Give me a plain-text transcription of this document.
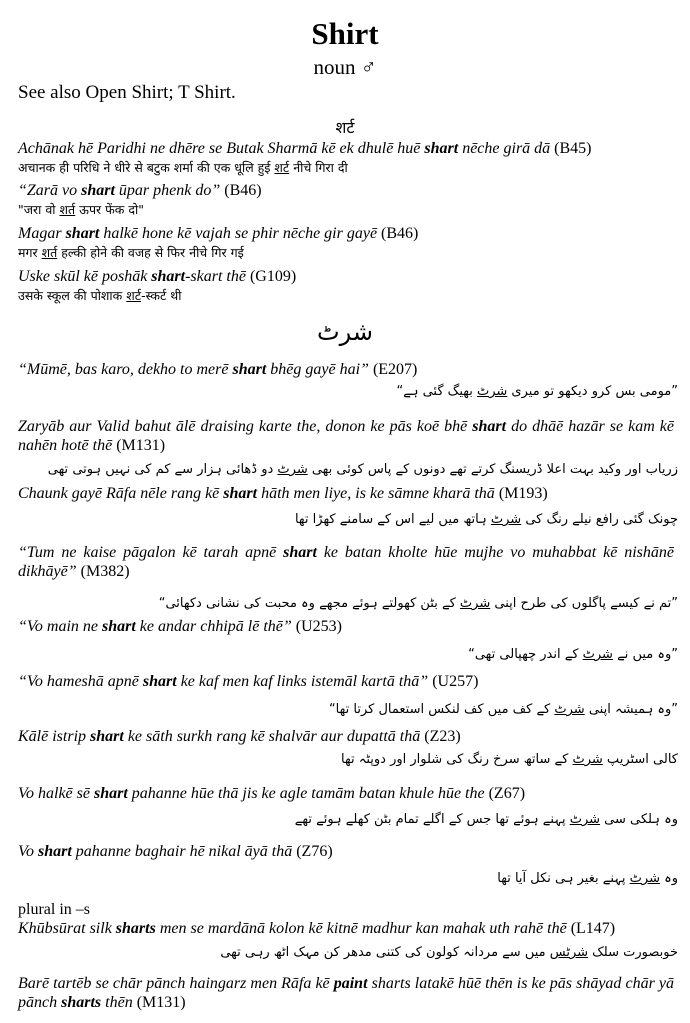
Shirt
noun ♂
See also Open Shirt; T Shirt.
शर्ट
Achānak hē Paridhi ne dhēre se Butak Sharmā kē ek dhulē huē shart nēche girā dā (B45)
अचानक ही परिधि ने धीरे से बटुक शर्मा की एक धूलि हुई शर्ट नीचे गिरा दी
“Zarā vo shart ūpar phenk do” (B46)
"जरा वो शर्त ऊपर फेंक दो"
Magar shart halkē hone kē vajah se phir nēche gir gayē (B46)
मगर शर्त हल्की होने की वजह से फिर नीचे गिर गई
Uske skūl kē poshāk shart-skart thē (G109)
उसके स्कूल की पोशाक शर्ट-स्कर्ट थी
شرٹ
“Mūmē, bas karo, dekho to merē shart bhēg gayē hai” (E207)
”مومی بس کرو دیکھو تو میری شرٹ بھیگ گئی ہے“
Zaryāb aur Valid bahut ālē draising karte the, donon ke pās koē bhē shart do dhāē hazār se kam kē nahēn hotē thē (M131)
زریاب اور وکید بہت اعلا ڈریسنگ کرتے تھے دونوں کے پاس کوئی بھی شرٹ دو ڈھائی ہزار سے کم کی نہیں ہوتی تھی
Chaunk gayē Rāfa nēle rang kē shart hāth men liye, is ke sāmne kharā thā (M193)
چونک گئی رافع نیلے رنگ کی شرٹ ہاتھ میں لیے اس کے سامنے کھڑا تھا
“Tum ne kaise pāgalon kē tarah apnē shart ke batan kholte hūe mujhe vo muhabbat kē nishānē dikhāyē” (M382)
”تم نے کیسے پاگلوں کی طرح اپنی شرٹ کے بٹن کھولتے ہوئے مجھے وہ محبت کی نشانی دکھائی“
“Vo main ne shart ke andar chhipā lē thē” (U253)
”وہ میں نے شرٹ کے اندر چھپالی تھی“
“Vo hameshā apnē shart ke kaf men kaf links istemāl kartā thā” (U257)
”وہ ہمیشہ اپنی شرٹ کے کف میں کف لنکس استعمال کرتا تھا“
Kālē istrip shart ke sāth surkh rang kē shalvār aur dupattā thā (Z23)
کالی اسٹریپ شرٹ کے ساتھ سرخ رنگ کی شلوار اور دوپٹہ تھا
Vo halkē sē shart pahanne hūe thā jis ke agle tamām batan khule hūe the (Z67)
وہ ہلکی سی شرٹ پہنے ہوئے تھا جس کے اگلے تمام بٹن کھلے ہوئے تھے
Vo shart pahanne baghair hē nikal āyā thā (Z76)
وہ شرٹ پہنے بغیر ہی نکل آیا تھا
plural in –s
Khūbsūrat silk sharts men se mardānā kolon kē kitnē madhur kan mahak uth rahē thē (L147)
خوبصورت سلک شرٹس میں سے مردانہ کولون کی کتنی مدھر کن مہک اٹھ رہی تھی
Barē tartēb se chār pānch haingarz men Rāfa kē paint sharts latakē hūē thēn is ke pās shāyad chār yā pānch sharts thēn (M131)
